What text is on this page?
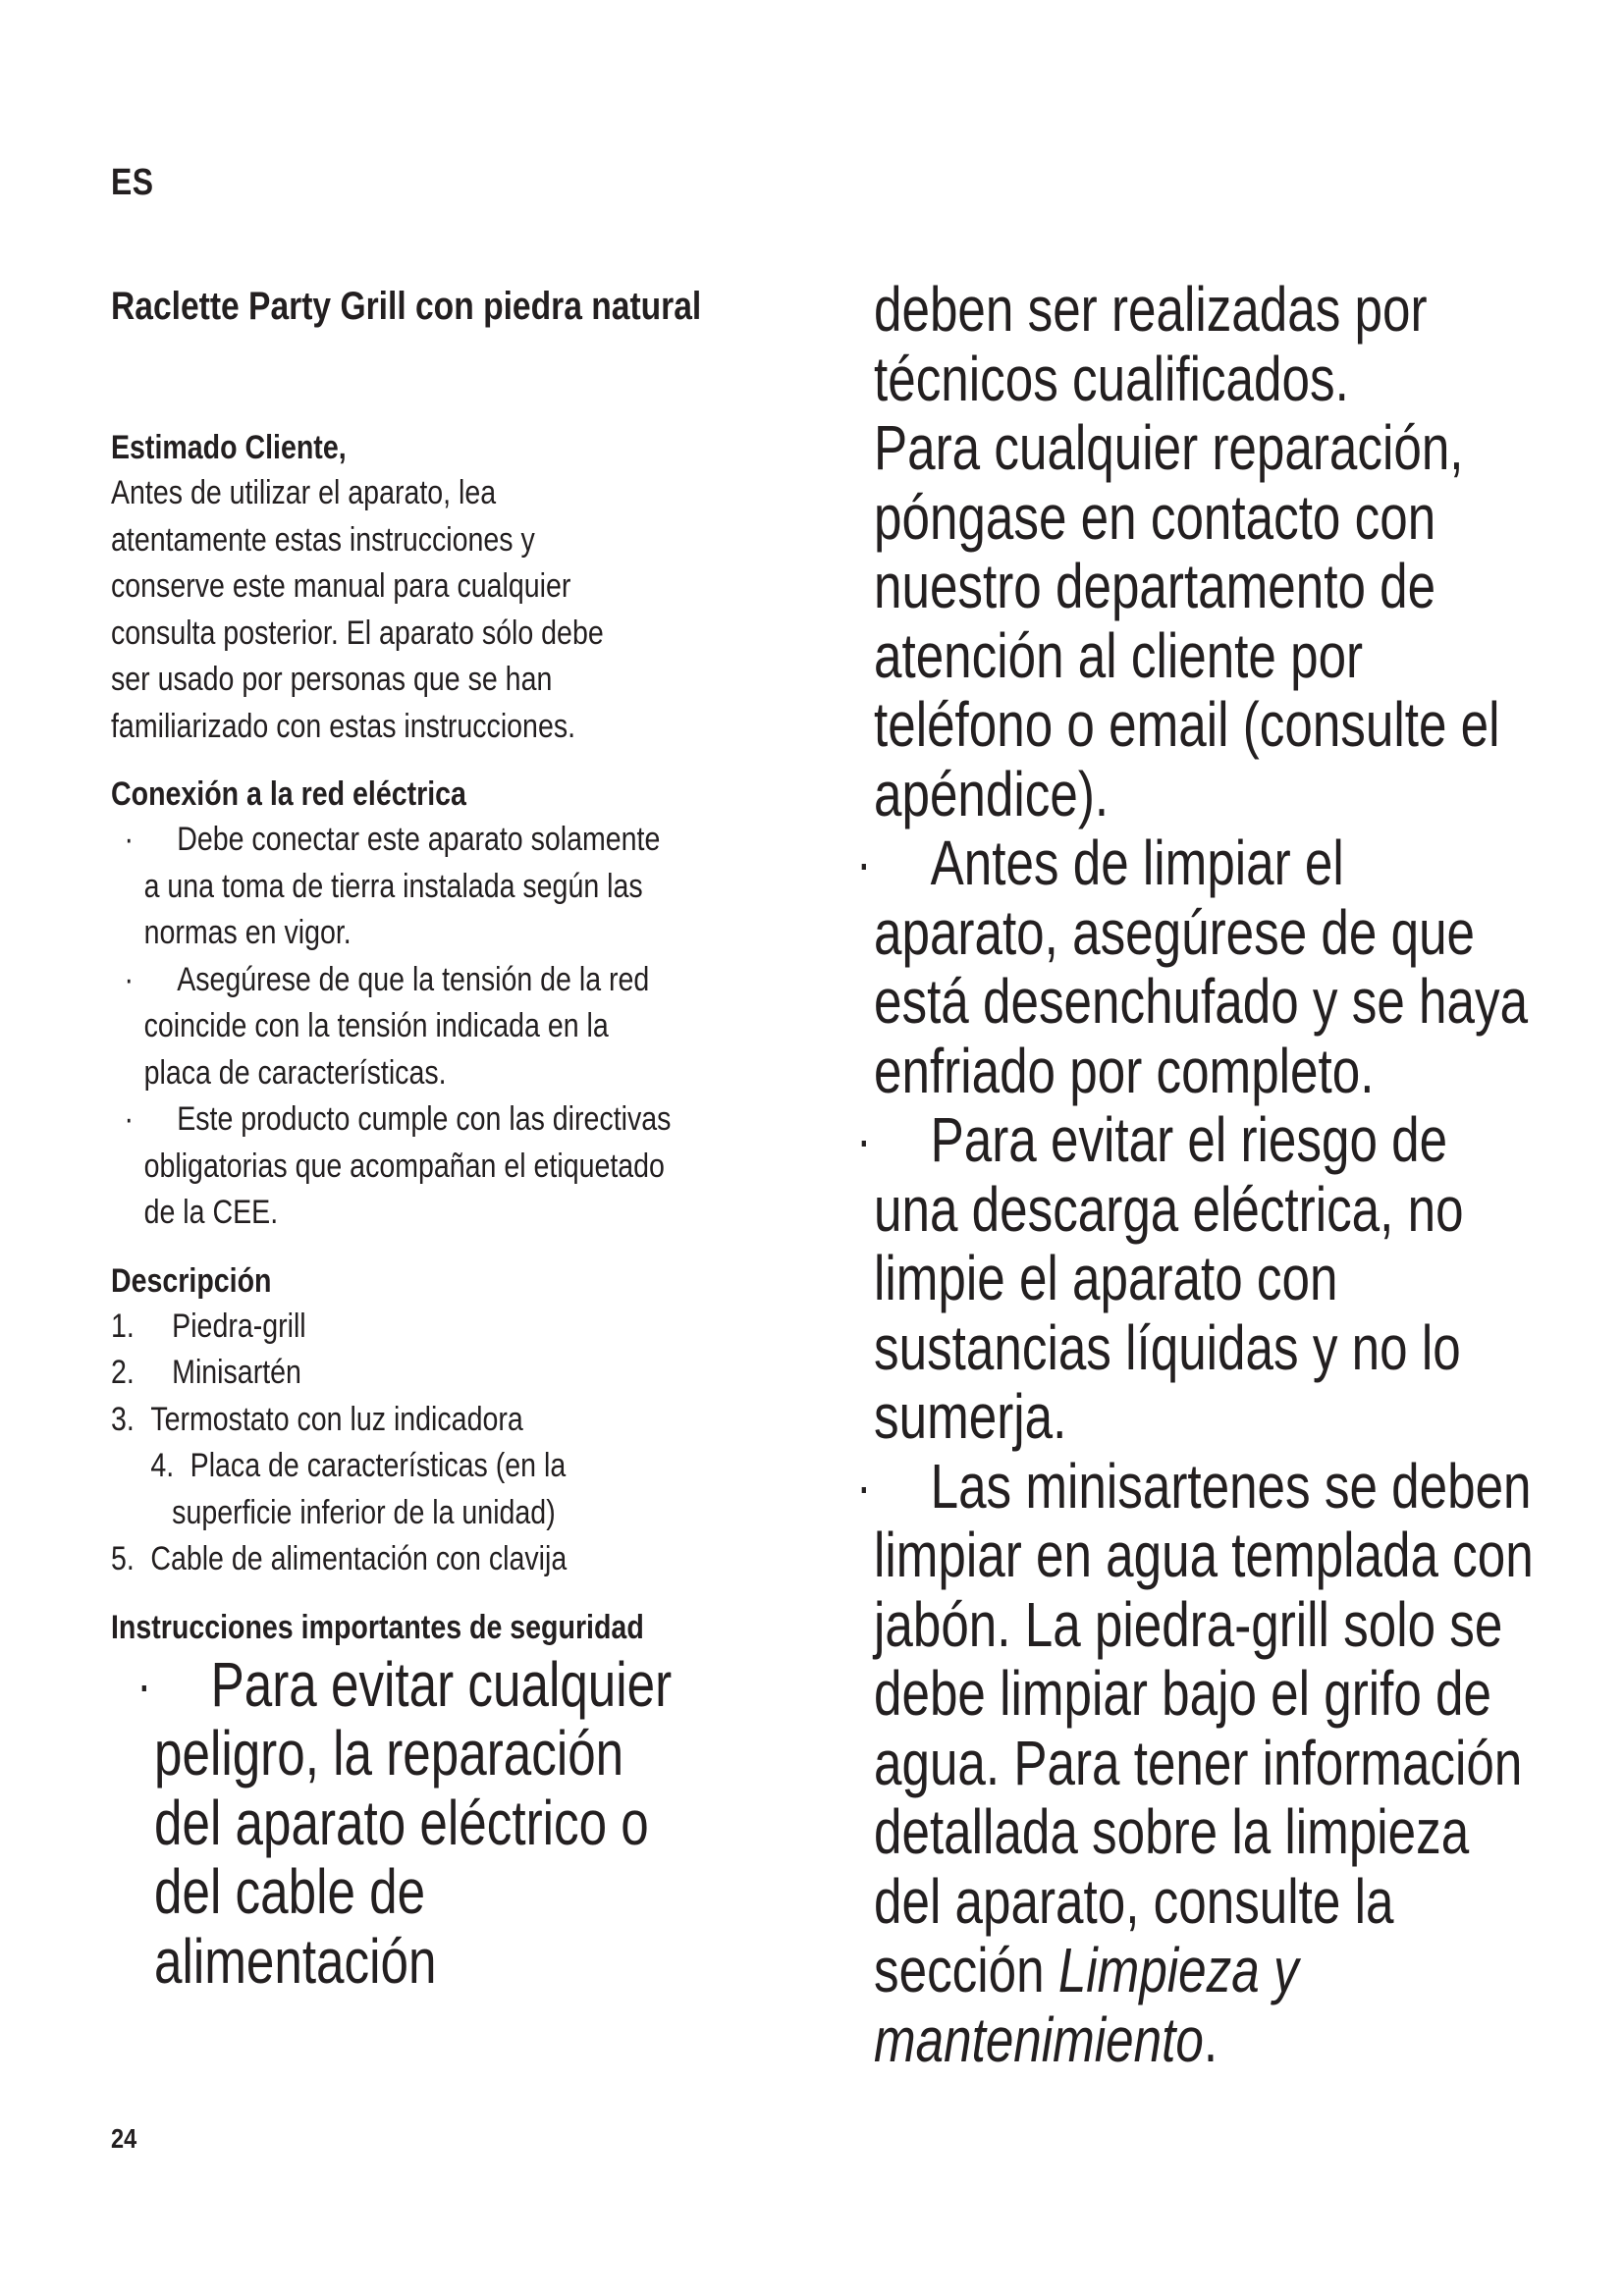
ES
Raclette Party Grill con piedra natural
Estimado Cliente,

Antes de utilizar el aparato, lea atentamente estas instrucciones y conserve este manual para cualquier consulta posterior. El aparato sólo debe ser usado por personas que se han familiarizado con estas instrucciones.

Conexión a la red eléctrica
· Debe conectar este aparato solamente a una toma de tierra instalada según las normas en vigor.
· Asegúrese de que la tensión de la red coincide con la tensión indicada en la placa de características.
· Este producto cumple con las directivas obligatorias que acompañan el etiquetado de la CEE.
Descripción
1. Piedra-grill
2. Minisartén
3. Termostato con luz indicadora
4. Placa de características (en la superficie inferior de la unidad)
5. Cable de alimentación con clavija
Instrucciones importantes de seguridad
· Para evitar cualquier peligro, la reparación del aparato eléctrico o del cable de alimentación

deben ser realizadas por técnicos cualificados.

Para cualquier reparación, póngase en contacto con nuestro departamento de atención al cliente por teléfono o email (consulte el apéndice).

· Antes de limpiar el aparato, asegúrese de que está desenchufado y se haya enfriado por completo.
· Para evitar el riesgo de una descarga eléctrica, no limpie el aparato con sustancias líquidas y no lo sumerja.
· Las minisartenes se deben limpiar en agua templada con jabón. La piedra-grill solo se debe limpiar bajo el grifo de agua. Para tener información detallada sobre la limpieza del aparato, consulte la sección Limpieza y mantenimiento.
24
